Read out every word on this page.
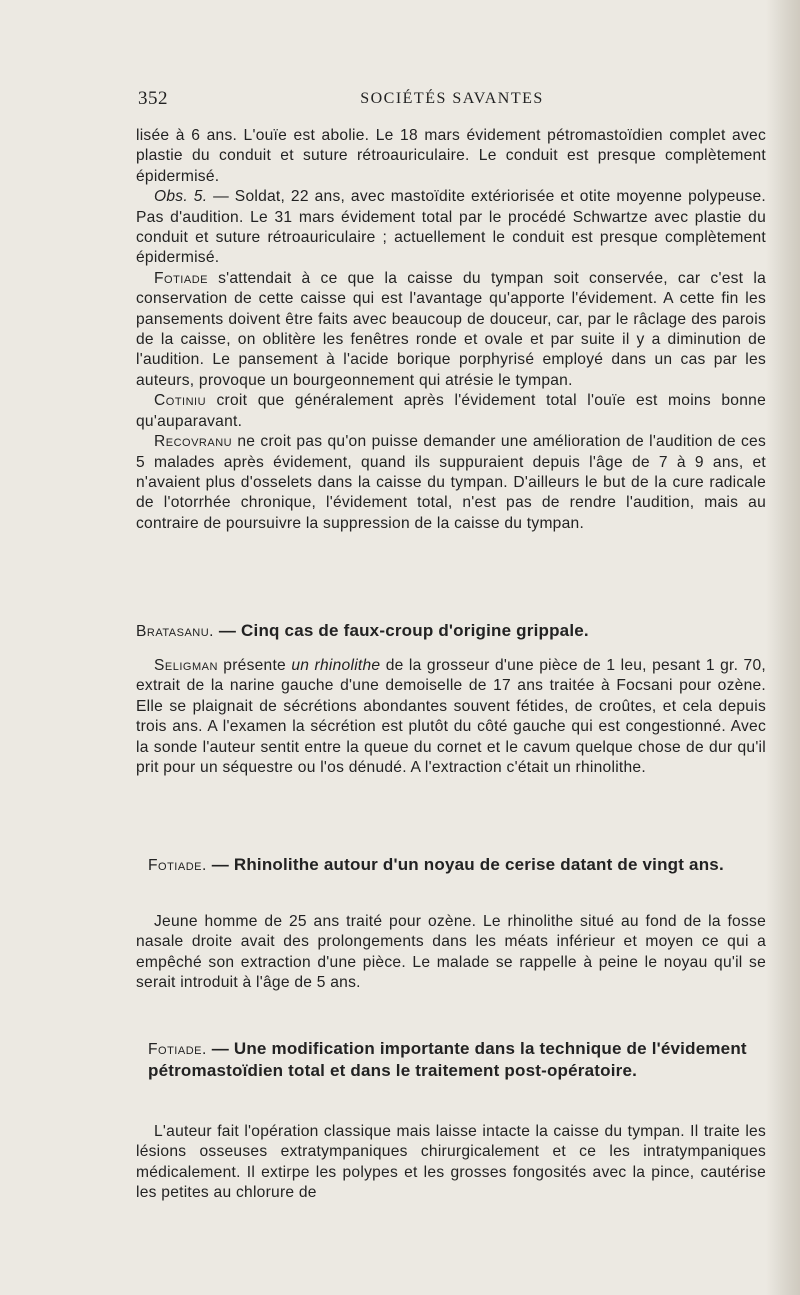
352	SOCIÉTÉS SAVANTES

lisée à 6 ans. L'ouïe est abolie. Le 18 mars évidement pétromastoïdien complet avec plastie du conduit et suture rétroauriculaire. Le conduit est presque complètement épidermisé.

Obs. 5. — Soldat, 22 ans, avec mastoïdite extériorisée et otite moyenne polypeuse. Pas d'audition. Le 31 mars évidement total par le procédé Schwartze avec plastie du conduit et suture rétroauriculaire ; actuellement le conduit est presque complètement épidermisé.

Fotiade s'attendait à ce que la caisse du tympan soit conservée, car c'est la conservation de cette caisse qui est l'avantage qu'apporte l'évidement. A cette fin les pansements doivent être faits avec beaucoup de douceur, car, par le râclage des parois de la caisse, on oblitère les fenêtres ronde et ovale et par suite il y a diminution de l'audition. Le pansement à l'acide borique porphyrisé employé dans un cas par les auteurs, provoque un bourgeonnement qui atrésie le tympan.

Cotiniu croit que généralement après l'évidement total l'ouïe est moins bonne qu'auparavant.

Recovranu ne croit pas qu'on puisse demander une amélioration de l'audition de ces 5 malades après évidement, quand ils suppuraient depuis l'âge de 7 à 9 ans, et n'avaient plus d'osselets dans la caisse du tympan. D'ailleurs le but de la cure radicale de l'otorrhée chronique, l'évidement total, n'est pas de rendre l'audition, mais au contraire de poursuivre la suppression de la caisse du tympan.

Bratasanu. — Cinq cas de faux-croup d'origine grippale.

Seligman présente un rhinolithe de la grosseur d'une pièce de 1 leu, pesant 1 gr. 70, extrait de la narine gauche d'une demoiselle de 17 ans traitée à Focsani pour ozène. Elle se plaignait de sécrétions abondantes souvent fétides, de croûtes, et cela depuis trois ans. A l'examen la sécrétion est plutôt du côté gauche qui est congestionné. Avec la sonde l'auteur sentit entre la queue du cornet et le cavum quelque chose de dur qu'il prit pour un séquestre ou l'os dénudé. A l'extraction c'était un rhinolithe.

Fotiade. — Rhinolithe autour d'un noyau de cerise datant de vingt ans.

Jeune homme de 25 ans traité pour ozène. Le rhinolithe situé au fond de la fosse nasale droite avait des prolongements dans les méats inférieur et moyen ce qui a empêché son extraction d'une pièce. Le malade se rappelle à peine le noyau qu'il se serait introduit à l'âge de 5 ans.

Fotiade. — Une modification importante dans la technique de l'évidement pétromastoïdien total et dans le traitement post-opératoire.

L'auteur fait l'opération classique mais laisse intacte la caisse du tympan. Il traite les lésions osseuses extratympaniques chirurgicalement et ce les intratympaniques médicalement. Il extirpe les polypes et les grosses fongosités avec la pince, cautérise les petites au chlorure de
